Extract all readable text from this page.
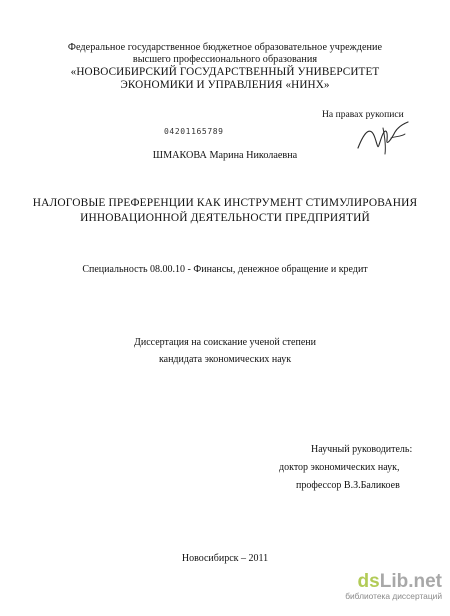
Федеральное государственное бюджетное образовательное учреждение
высшего профессионального образования
«НОВОСИБИРСКИЙ ГОСУДАРСТВЕННЫЙ УНИВЕРСИТЕТ
ЭКОНОМИКИ И УПРАВЛЕНИЯ «НИНХ»
На правах рукописи
04201165789
ШМАКОВА Марина Николаевна
НАЛОГОВЫЕ ПРЕФЕРЕНЦИИ КАК ИНСТРУМЕНТ СТИМУЛИРОВАНИЯ
ИННОВАЦИОННОЙ ДЕЯТЕЛЬНОСТИ ПРЕДПРИЯТИЙ
Специальность 08.00.10 - Финансы, денежное обращение и кредит
Диссертация на соискание ученой степени
кандидата экономических наук
Научный руководитель:
доктор экономических наук,
профессор В.З.Баликоев
Новосибирск – 2011
dsLib.net
библиотека диссертаций
